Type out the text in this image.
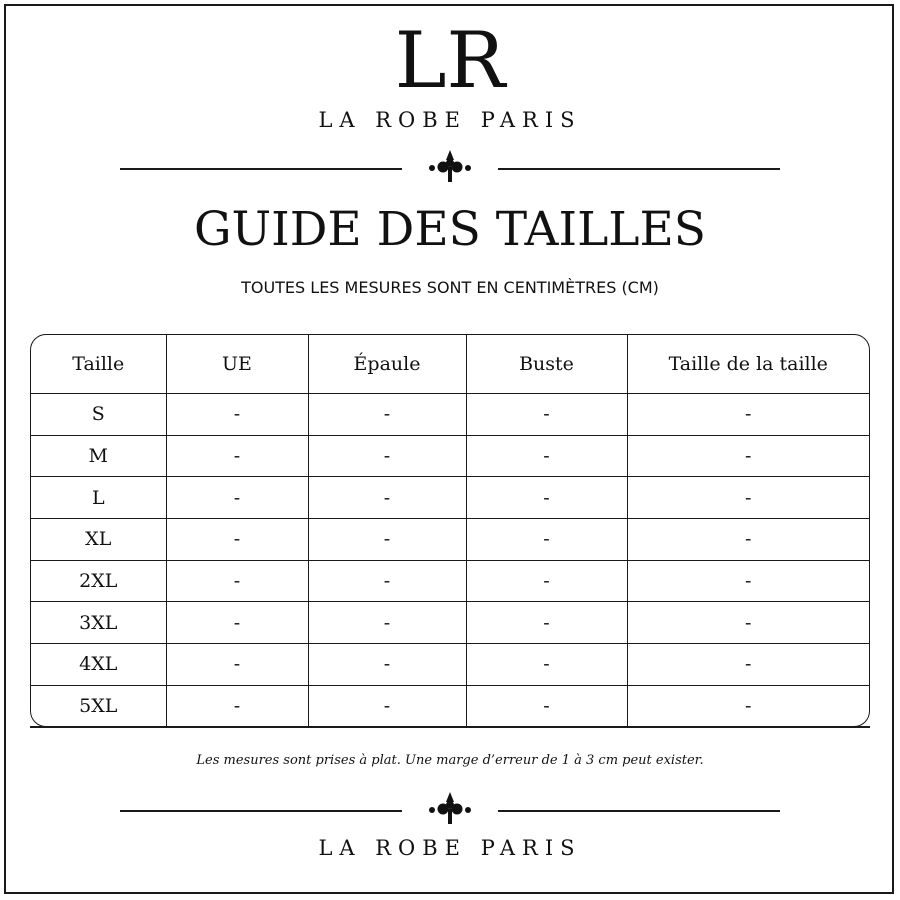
LR
LA ROBE PARIS
GUIDE DES TAILLES
TOUTES LES MESURES SONT EN CENTIMÈTRES (CM)
Taille	UE	Épaule	Buste	Taille de la taille
S	-	-	-	-
M	-	-	-	-
L	-	-	-	-
XL	-	-	-	-
2XL	-	-	-	-
3XL	-	-	-	-
4XL	-	-	-	-
5XL	-	-	-	-
Les mesures sont prises à plat. Une marge d’erreur de 1 à 3 cm peut exister.
LA ROBE PARIS
